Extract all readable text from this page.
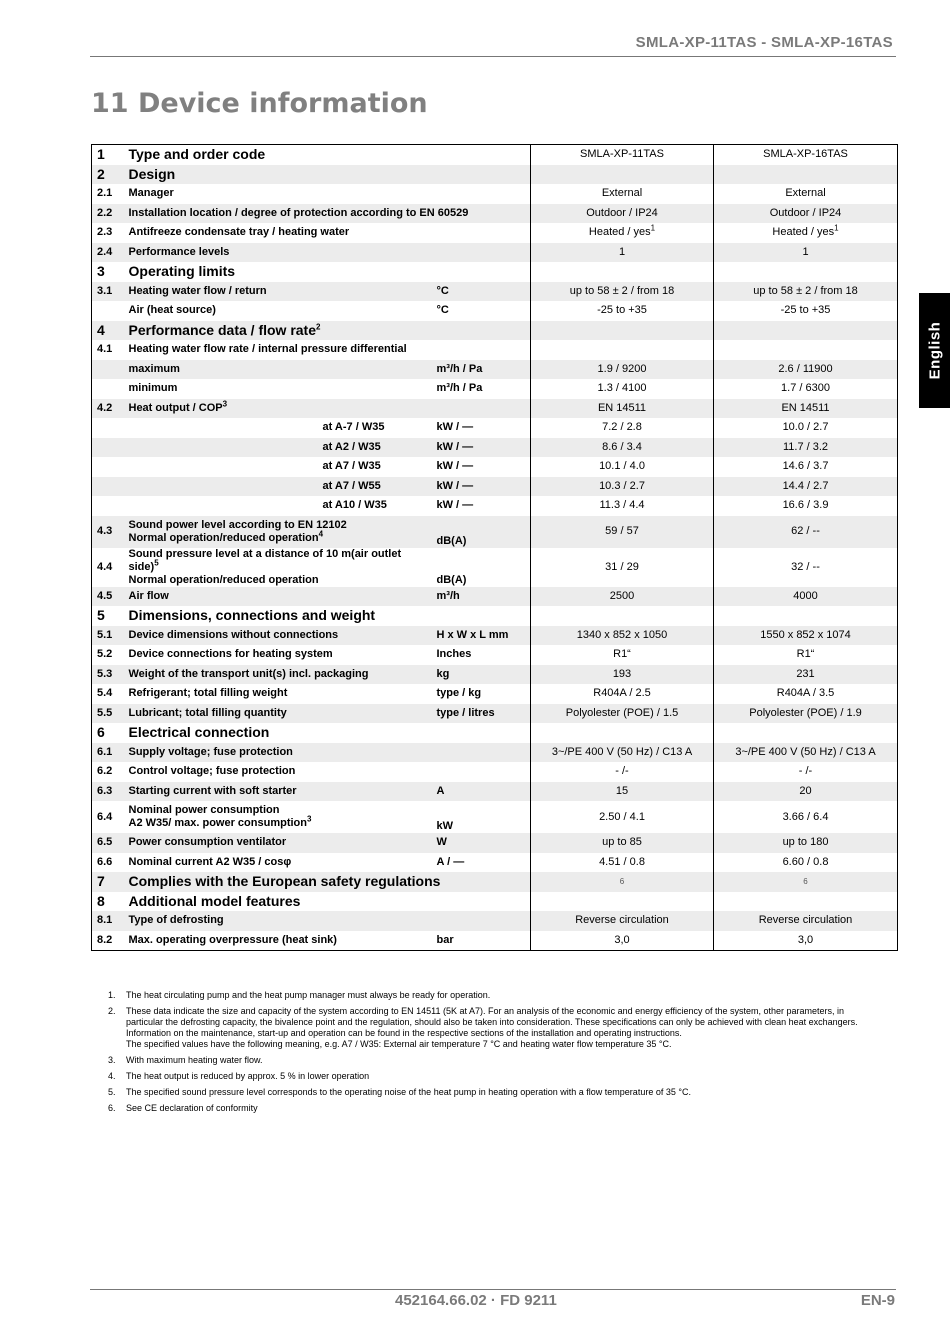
SMLA-XP-11TAS - SMLA-XP-16TAS
11 Device information
English
1	Type and order code		SMLA-XP-11TAS	SMLA-XP-16TAS
2	Design			
2.1	Manager		External	External
2.2	Installation location / degree of protection according to EN 60529		Outdoor / IP24	Outdoor / IP24
2.3	Antifreeze condensate tray / heating water		Heated / yes$^1$	Heated / yes$^1$
2.4	Performance levels		1	1
3	Operating limits			
3.1	Heating water flow / return	°C	up to 58 ± 2 / from 18	up to 58 ± 2 / from 18
	Air (heat source)	°C	-25 to +35	-25 to +35
4	Performance data / flow rate$^2$		
4.1	Heating water flow rate / internal pressure differential			
	maximum	m³/h / Pa	1.9 / 9200	2.6 / 11900
	minimum	m³/h / Pa	1.3 / 4100	1.7 / 6300
4.2	Heat output / COP$^3$		EN 14511	EN 14511
	at A-7 / W35	kW / —	7.2 / 2.8	10.0 / 2.7
	at A2 / W35	kW / —	8.6 / 3.4	11.7 / 3.2
	at A7 / W35	kW / —	10.1 / 4.0	14.6 / 3.7
	at A7 / W55	kW / —	10.3 / 2.7	14.4 / 2.7
	at A10 / W35	kW / —	11.3 / 4.4	16.6 / 3.9
4.3	Sound power level according to EN 12102
Normal operation/reduced operation$^4$	dB(A)	59 / 57	62 / --
4.4	Sound pressure level at a distance of 10 m(air outlet side)$^5$
Normal operation/reduced operation	dB(A)	31 / 29	32 / --
4.5	Air flow	m³/h	2500	4000
5	Dimensions, connections and weight			
5.1	Device dimensions without connections	H x W x L mm	1340 x 852 x 1050	1550 x 852 x 1074
5.2	Device connections for heating system	Inches	R1“	R1“
5.3	Weight of the transport unit(s) incl. packaging	kg	193	231
5.4	Refrigerant; total filling weight	type / kg	R404A / 2.5	R404A / 3.5
5.5	Lubricant; total filling quantity	type / litres	Polyolester (POE) / 1.5	Polyolester (POE) / 1.9
6	Electrical connection			
6.1	Supply voltage; fuse protection		3~/PE 400 V (50 Hz) / C13 A	3~/PE 400 V (50 Hz) / C13 A
6.2	Control voltage; fuse protection		- /-	- /-
6.3	Starting current with soft starter	A	15	20
6.4	Nominal power consumption
A2 W35/ max. power consumption$^3$	kW	2.50 / 4.1	3.66 / 6.4
6.5	Power consumption ventilator	W	up to 85	up to 180
6.6	Nominal current A2 W35 / cosφ	A / —	4.51 / 0.8	6.60 / 0.8
7	Complies with the European safety regulations		6	6
8	Additional model features			
8.1	Type of defrosting		Reverse circulation	Reverse circulation
8.2	Max. operating overpressure (heat sink)	bar	3,0	3,0
1.	The heat circulating pump and the heat pump manager must always be ready for operation.
2.	These data indicate the size and capacity of the system according to EN 14511 (5K at A7). For an analysis of the economic and energy efficiency of the system, other parameters, in particular the defrosting capacity, the bivalence point and the regulation, should also be taken into consideration. These specifications can only be achieved with clean heat exchangers. Information on the maintenance, start-up and operation can be found in the respective sections of the installation and operating instructions.
The specified values have the following meaning, e.g. A7 / W35: External air temperature 7 °C and heating water flow temperature 35 °C.
3.	With maximum heating water flow.
4.	The heat output is reduced by approx. 5 % in lower operation
5.	The specified sound pressure level corresponds to the operating noise of the heat pump in heating operation with a flow temperature of 35 °C.
6.	See CE declaration of conformity
452164.66.02 · FD 9211	EN-9
